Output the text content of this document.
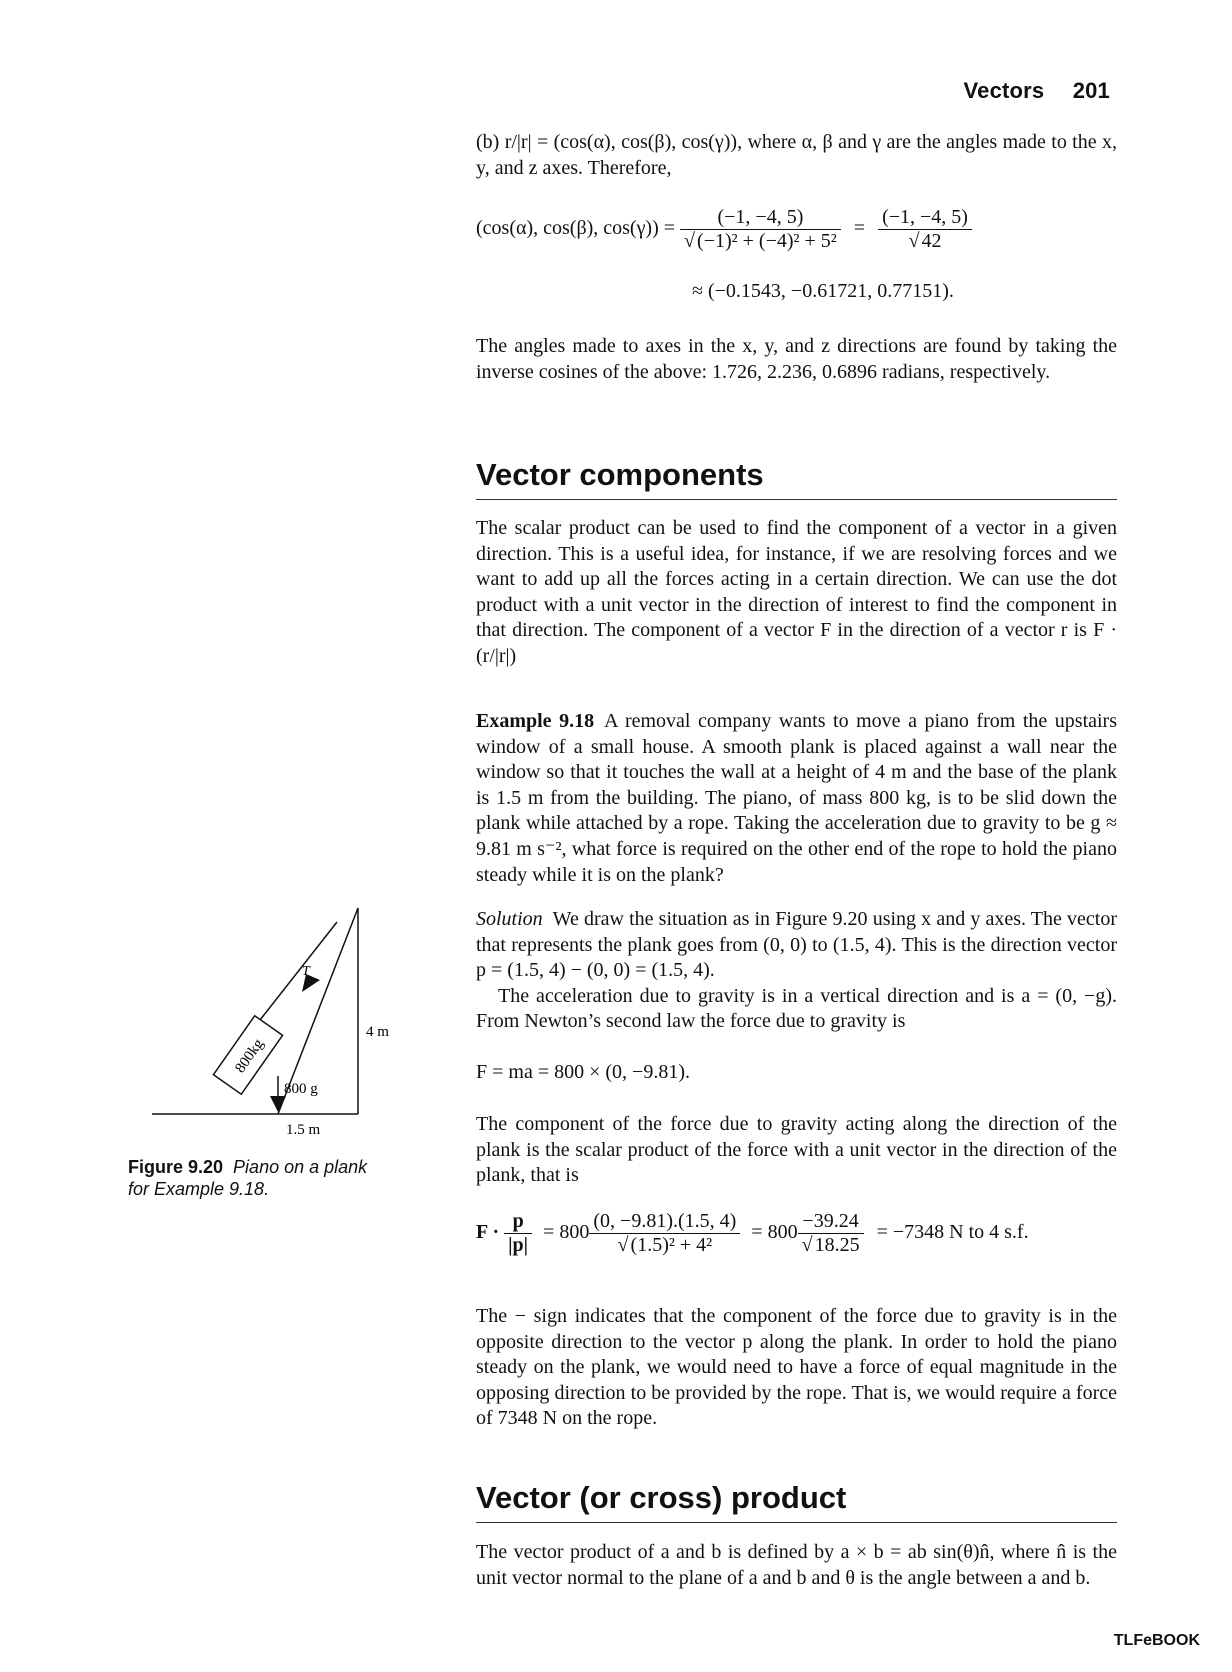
Vectors 201

(b) r/|r| = (cos(α), cos(β), cos(γ)), where α, β and γ are the angles made to the x, y, and z axes. Therefore,

(cos(α), cos(β), $\cos(\gamma)) = \frac{(-1, -4, 5)}{\text{√ (−1)² + (−4)² + 5²}} = \frac{(-1, -4, 5)}{√ 42}$
≈ (−0.1543, −0.61721, 0.77151).

The angles made to axes in the x, y, and z directions are found by taking the inverse cosines of the above: 1.726, 2.236, 0.6896 radians, respectively.

Vector components

The scalar product can be used to find the component of a vector in a given direction. This is a useful idea, for instance, if we are resolving forces and we want to add up all the forces acting in a certain direction. We can use the dot product with a unit vector in the direction of interest to find the component in that direction. The component of a vector F in the direction of a vector r is F · (r/|r|)

Example 9.18 A removal company wants to move a piano from the upstairs window of a small house. A smooth plank is placed against a wall near the window so that it touches the wall at a height of 4 m and the base of the plank is 1.5 m from the building. The piano, of mass 800 kg, is to be slid down the plank while attached by a rope. Taking the acceleration due to gravity to be g ≈ 9.81 m s⁻², what force is required on the other end of the rope to hold the piano steady while it is on the plank?

Solution We draw the situation as in Figure 9.20 using x and y axes. The vector that represents the plank goes from (0, 0) to (1.5, 4). This is the direction vector p = (1.5, 4) − (0, 0) = (1.5, 4).

The acceleration due to gravity is in a vertical direction and is a = (0, −g). From Newton’s second law the force due to gravity is

F = ma = 800 × (0, −9.81).

The component of the force due to gravity acting along the direction of the plank is the scalar product of the force with a unit vector in the direction of the plank, that is

$F \cdot \frac{p}{|p|} = 800 \frac{(0, -9.81).(1.5, 4)}{\text{√ (1.5)² + 4²}} = 800 \frac{-39.24}{√ 18.25} = -7348$ N to 4 s.f.

The − sign indicates that the component of the force due to gravity is in the opposite direction to the vector p along the plank. In order to hold the piano steady on the plank, we would need to have a force of equal magnitude in the opposing direction to be provided by the rope. That is, we would require a force of 7348 N on the rope.

Vector (or cross) product

The vector product of a and b is defined by a × b = ab sin(θ)n̂, where n̂ is the unit vector normal to the plane of a and b and θ is the angle between a and b.

800kg
T
800 g
4 m
1.5 m
Figure 9.20 Piano on a plank for Example 9.18.
TLFeBOOK
